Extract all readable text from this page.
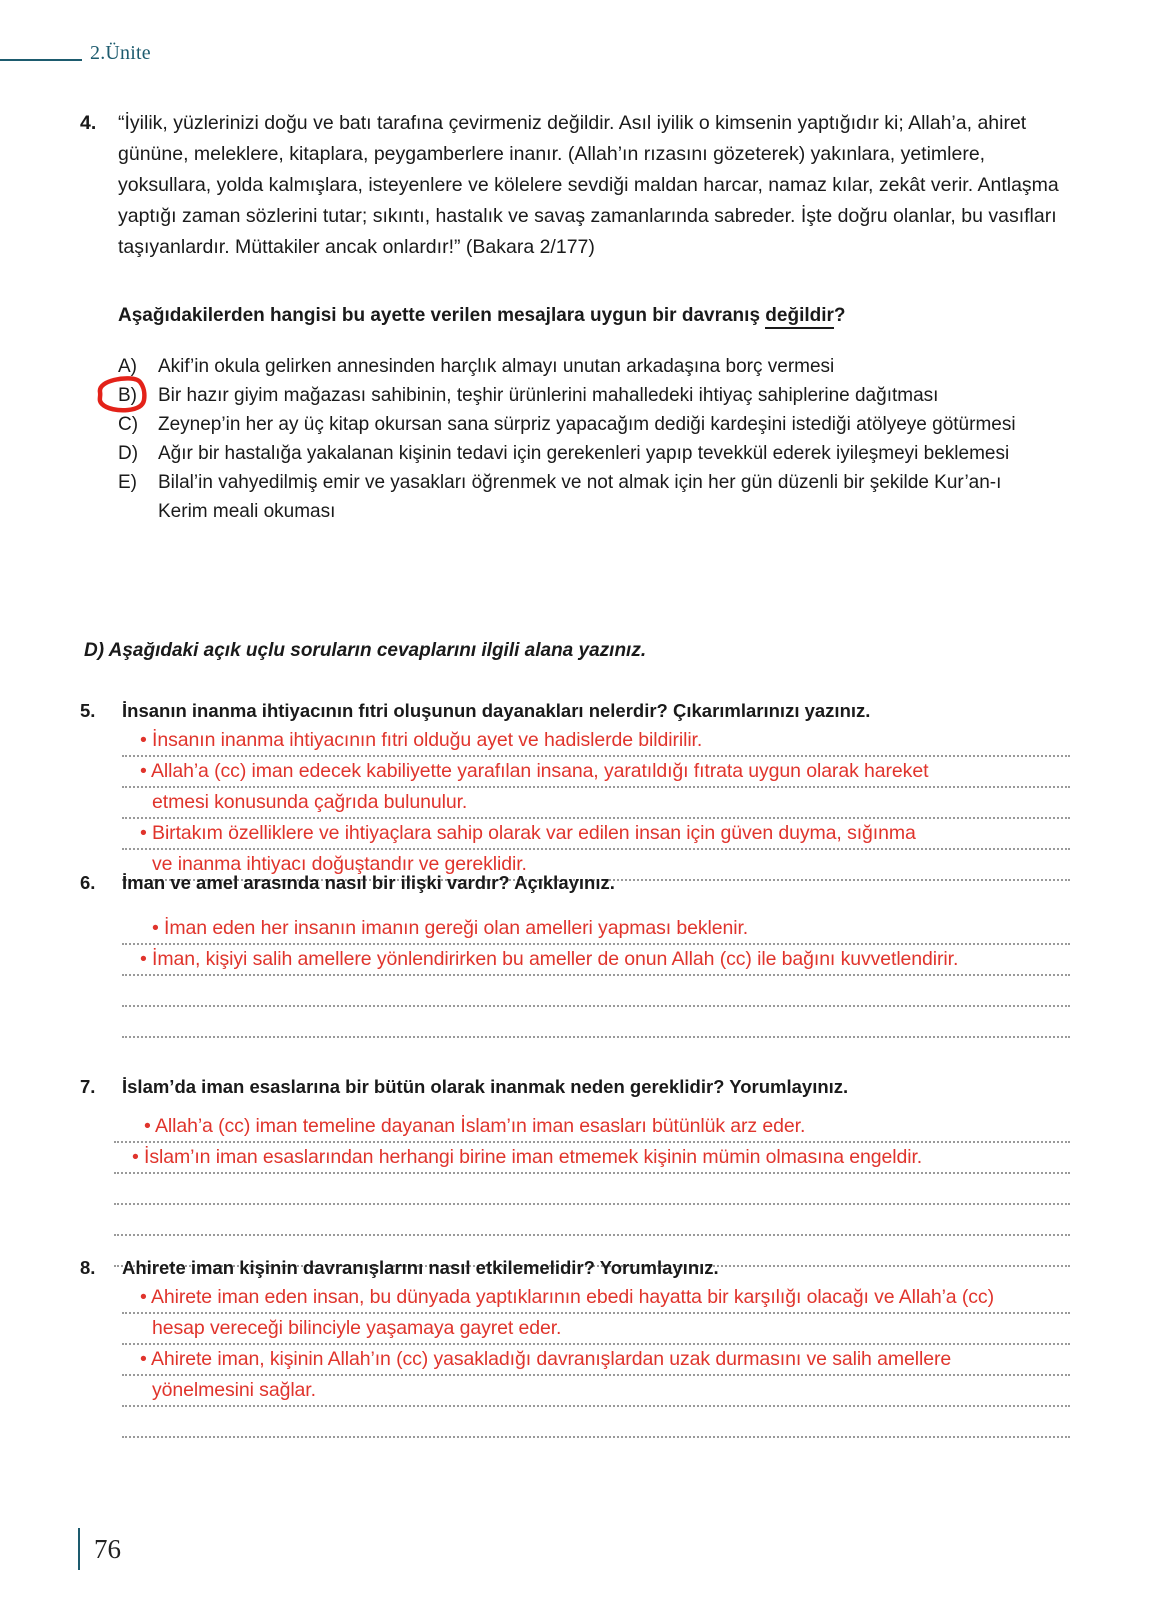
2.Ünite
4.	“İyilik, yüzlerinizi doğu ve batı tarafına çevirmeniz değildir. Asıl iyilik o kimsenin yaptığıdır ki; Allah’a, ahiret gününe, meleklere, kitaplara, peygamberlere inanır. (Allah’ın rızasını gözeterek) yakınlara, yetimlere, yoksullara, yolda kalmışlara, isteyenlere ve kölelere sevdiği maldan harcar, namaz kılar, zekât verir. Antlaşma yaptığı zaman sözlerini tutar; sıkıntı, hastalık ve savaş zamanlarında sabreder. İşte doğru olanlar, bu vasıfları taşıyanlardır. Müttakiler ancak onlardır!” (Bakara 2/177)
Aşağıdakilerden hangisi bu ayette verilen mesajlara uygun bir davranış değildir?
A)	Akif’in okula gelirken annesinden harçlık almayı unutan arkadaşına borç vermesi
B)	Bir hazır giyim mağazası sahibinin, teşhir ürünlerini mahalledeki ihtiyaç sahiplerine dağıtması
C)	Zeynep’in her ay üç kitap okursan sana sürpriz yapacağım dediği kardeşini istediği atölyeye götürmesi
D)	Ağır bir hastalığa yakalanan kişinin tedavi için gerekenleri yapıp tevekkül ederek iyileşmeyi beklemesi
E)	Bilal’in vahyedilmiş emir ve yasakları öğrenmek ve not almak için her gün düzenli bir şekilde Kur’an-ı Kerim meali okuması
D) Aşağıdaki açık uçlu soruların cevaplarını ilgili alana yazınız.
5.	İnsanın inanma ihtiyacının fıtri oluşunun dayanakları nelerdir? Çıkarımlarınızı yazınız.
• İnsanın inanma ihtiyacının fıtri olduğu ayet ve hadislerde bildirilir.
• Allah’a (cc) iman edecek kabiliyette yarafılan insana, yaratıldığı fıtrata uygun olarak hareket
etmesi konusunda çağrıda bulunulur.
• Birtakım özelliklere ve ihtiyaçlara sahip olarak var edilen insan için güven duyma, sığınma
ve inanma ihtiyacı doğuştandır ve gereklidir.
6.	İman ve amel arasında nasıl bir ilişki vardır? Açıklayınız.
• İman eden her insanın imanın gereği olan amelleri yapması beklenir.
• İman, kişiyi salih amellere yönlendirirken bu ameller de onun Allah (cc) ile bağını kuvvetlendirir.
7.	İslam’da iman esaslarına bir bütün olarak inanmak neden gereklidir? Yorumlayınız.
• Allah’a (cc) iman temeline dayanan İslam’ın iman esasları bütünlük arz eder.
• İslam’ın iman esaslarından herhangi birine iman etmemek kişinin mümin olmasına engeldir.
8.	Ahirete iman kişinin davranışlarını nasıl etkilemelidir? Yorumlayınız.
• Ahirete iman eden insan, bu dünyada yaptıklarının ebedi hayatta bir karşılığı olacağı ve Allah’a (cc)
hesap vereceği bilinciyle yaşamaya gayret eder.
• Ahirete iman, kişinin Allah’ın (cc) yasakladığı davranışlardan uzak durmasını ve salih amellere
yönelmesini sağlar.
76
